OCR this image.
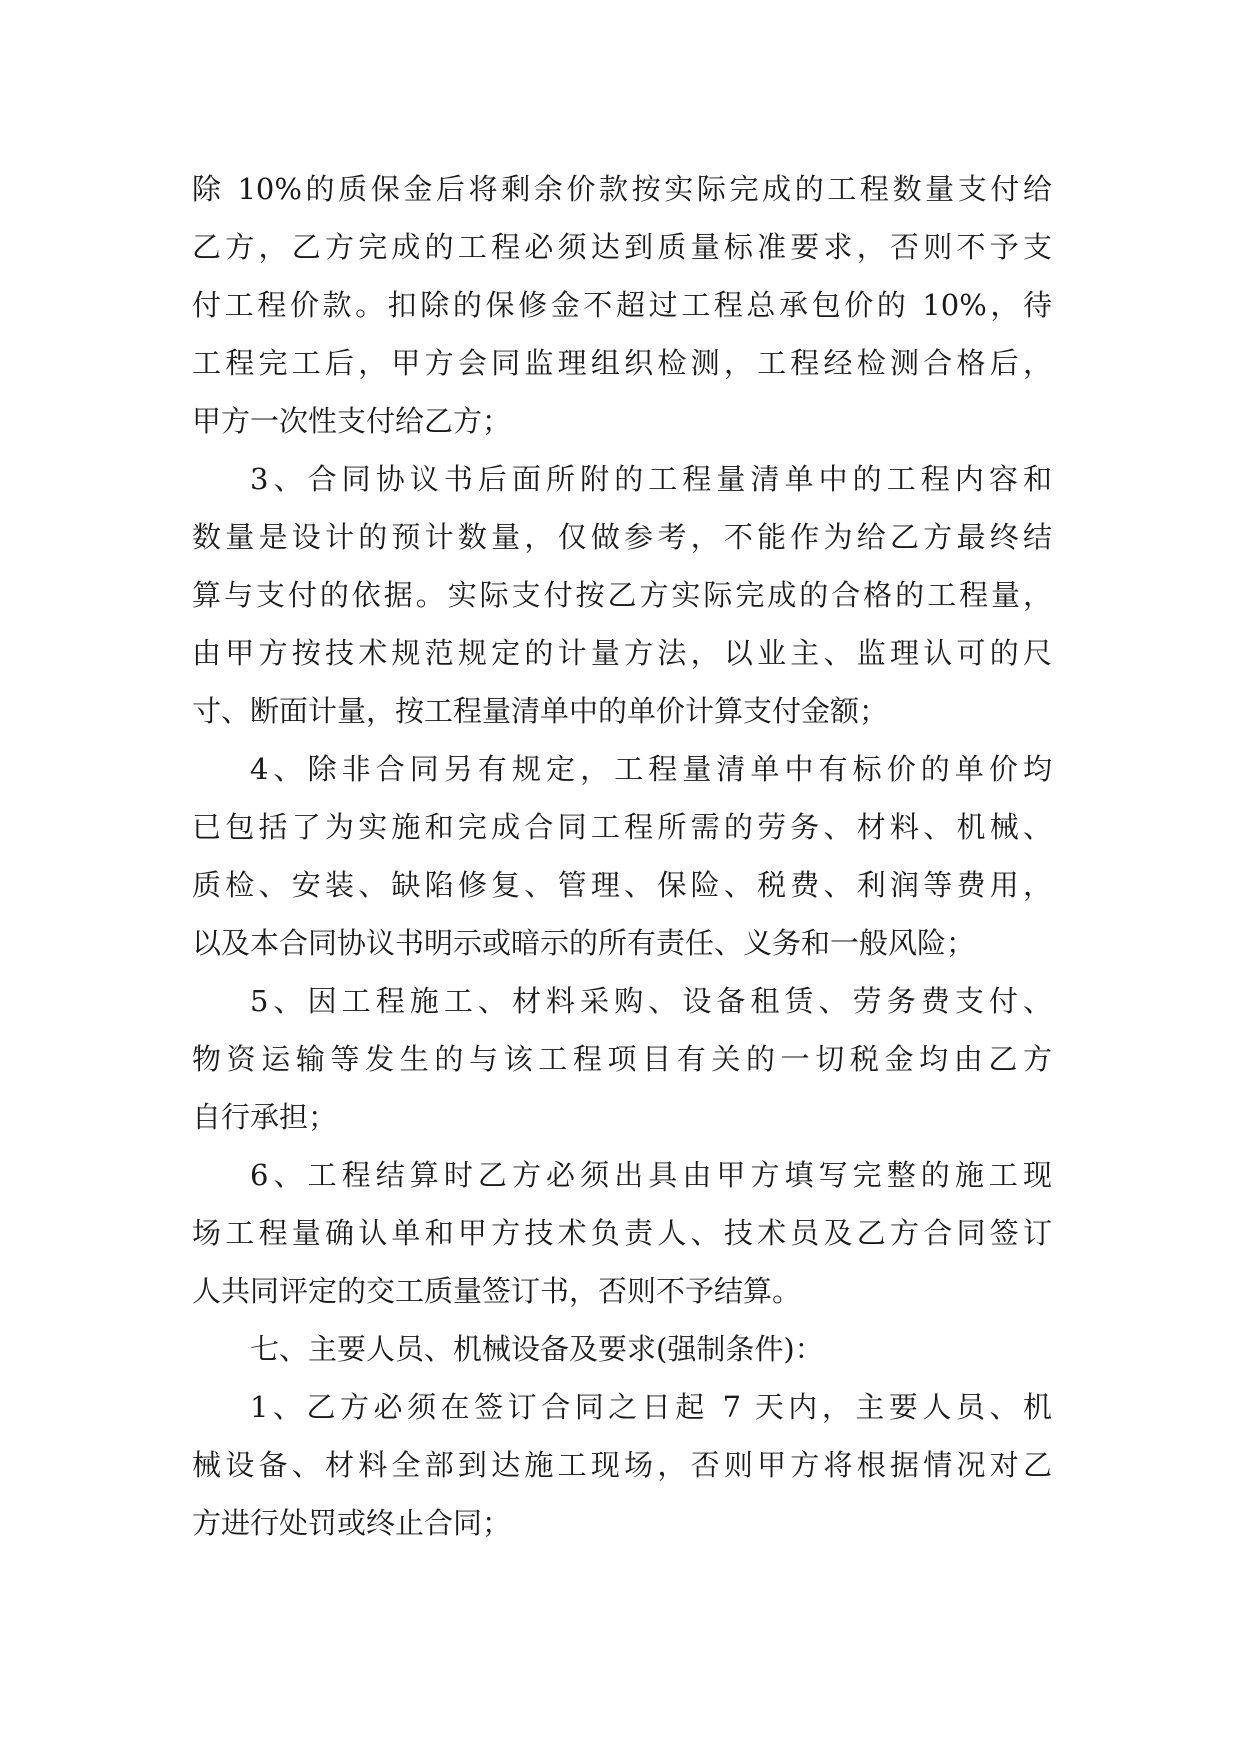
除 10%的质保金后将剩余价款按实际完成的工程数量支付给
乙方，乙方完成的工程必须达到质量标准要求，否则不予支
付工程价款。扣除的保修金不超过工程总承包价的 10%，待
工程完工后，甲方会同监理组织检测，工程经检测合格后，
甲方一次性支付给乙方；
3、合同协议书后面所附的工程量清单中的工程内容和
数量是设计的预计数量，仅做参考，不能作为给乙方最终结
算与支付的依据。实际支付按乙方实际完成的合格的工程量，
由甲方按技术规范规定的计量方法，以业主、监理认可的尺
寸、断面计量，按工程量清单中的单价计算支付金额；
4、除非合同另有规定，工程量清单中有标价的单价均
已包括了为实施和完成合同工程所需的劳务、材料、机械、
质检、安装、缺陷修复、管理、保险、税费、利润等费用，
以及本合同协议书明示或暗示的所有责任、义务和一般风险；
5、因工程施工、材料采购、设备租赁、劳务费支付、
物资运输等发生的与该工程项目有关的一切税金均由乙方
自行承担；
6、工程结算时乙方必须出具由甲方填写完整的施工现
场工程量确认单和甲方技术负责人、技术员及乙方合同签订
人共同评定的交工质量签订书，否则不予结算。
七、主要人员、机械设备及要求(强制条件)：
1、乙方必须在签订合同之日起 7 天内，主要人员、机
械设备、材料全部到达施工现场，否则甲方将根据情况对乙
方进行处罚或终止合同；
